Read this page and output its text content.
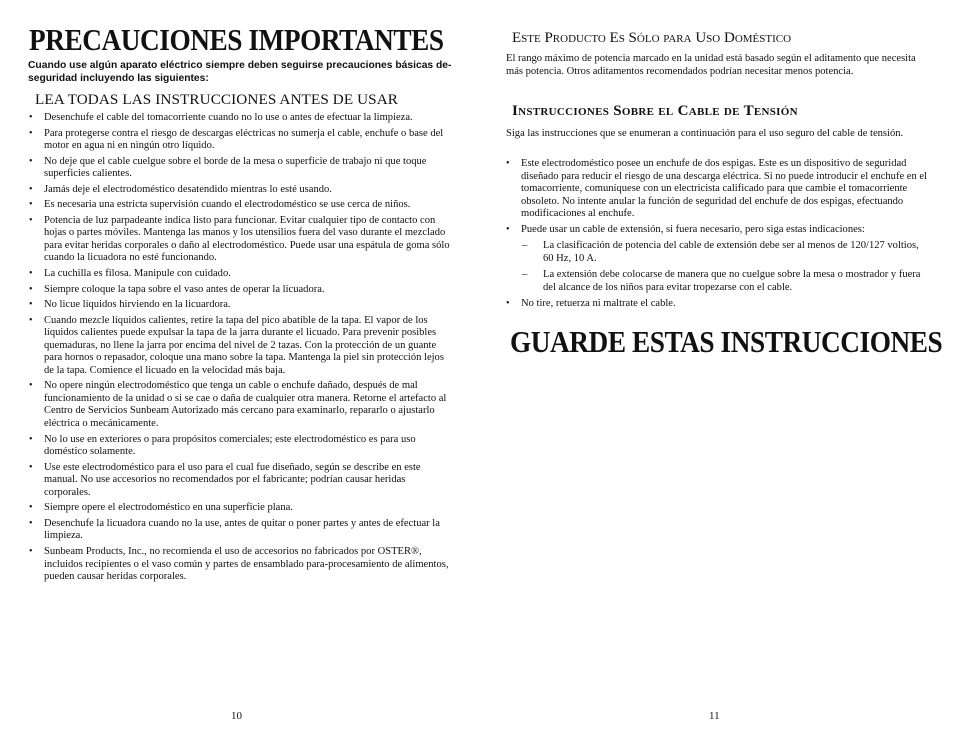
PRECAUCIONES IMPORTANTES

Cuando use algún aparato eléctrico siempre deben seguirse precauciones básicas de-seguridad incluyendo las siguientes:

LEA TODAS LAS INSTRUCCIONES ANTES DE USAR
• Desenchufe el cable del tomacorriente cuando no lo use o antes de efectuar la limpieza.
• Para protegerse contra el riesgo de descargas eléctricas no sumerja el cable, enchufe o base del motor en agua ni en ningún otro líquido.
• No deje que el cable cuelgue sobre el borde de la mesa o superficie de trabajo ni que toque superficies calientes.
• Jamás deje el electrodoméstico desatendido mientras lo esté usando.
• Es necesaria una estricta supervisión cuando el electrodoméstico se use cerca de niños.
• Potencia de luz parpadeante indica listo para funcionar. Evitar cualquier tipo de contacto con hojas o partes móviles. Mantenga las manos y los utensilios fuera del vaso durante el mezclado para evitar heridas corporales o daño al electrodoméstico. Puede usar una espátula de goma sólo cuando la licuadora no esté funcionando.
• La cuchilla es filosa. Manipule con cuidado.
• Siempre coloque la tapa sobre el vaso antes de operar la licuadora.
• No licue líquidos hirviendo en la licuardora.
• Cuando mezcle líquidos calientes, retire la tapa del pico abatible de la tapa. El vapor de los líquidos calientes puede expulsar la tapa de la jarra durante el licuado. Para prevenir posibles quemaduras, no llene la jarra por encima del nivel de 2 tazas. Con la protección de un guante para hornos o repasador, coloque una mano sobre la tapa. Mantenga la piel sin protección lejos de la tapa. Comience el licuado en la velocidad más baja.
• No opere ningún electrodoméstico que tenga un cable o enchufe dañado, después de mal funcionamiento de la unidad o si se cae o daña de cualquier otra manera. Retorne el artefacto al Centro de Servicios Sunbeam Autorizado más cercano para examinarlo, repararlo o ajustarlo eléctrica o mecánicamente.
• No lo use en exteriores o para propósitos comerciales; este electrodoméstico es para uso doméstico solamente.
• Use este electrodoméstico para el uso para el cual fue diseñado, según se describe en este manual. No use accesorios no recomendados por el fabricante; podrían causar heridas corporales.
• Siempre opere el electrodoméstico en una superficie plana.
• Desenchufe la licuadora cuando no la use, antes de quitar o poner partes y antes de efectuar la limpieza.
• Sunbeam Products, Inc., no recomienda el uso de accesorios no fabricados por OSTER®, incluidos recipientes o el vaso común y partes de ensamblado para-procesamiento de alimentos, pueden causar heridas corporales.
10
Este Producto Es Sólo para Uso Doméstico

El rango máximo de potencia marcado en la unidad está basado según el aditamento que necesita más potencia. Otros aditamentos recomendados podrían necesitar menos potencia.

Instrucciones Sobre el Cable de Tensión

Siga las instrucciones que se enumeran a continuación para el uso seguro del cable de tensión.

• Este electrodoméstico posee un enchufe de dos espigas. Este es un dispositivo de seguridad diseñado para reducir el riesgo de una descarga eléctrica. Si no puede introducir el enchufe en el tomacorriente, comuníquese con un electricista calificado para que cambie el tomacorriente obsoleto. No intente anular la función de seguridad del enchufe de dos espigas, efectuando modificaciones al enchufe.
• Puede usar un cable de extensión, si fuera necesario, pero siga estas indicaciones:
– La clasificación de potencia del cable de extensión debe ser al menos de 120/127 voltios, 60 Hz, 10 A.
– La extensión debe colocarse de manera que no cuelgue sobre la mesa o mostrador y fuera del alcance de los niños para evitar tropezarse con el cable.
• No tire, retuerza ni maltrate el cable.
GUARDE ESTAS INSTRUCCIONES
11
